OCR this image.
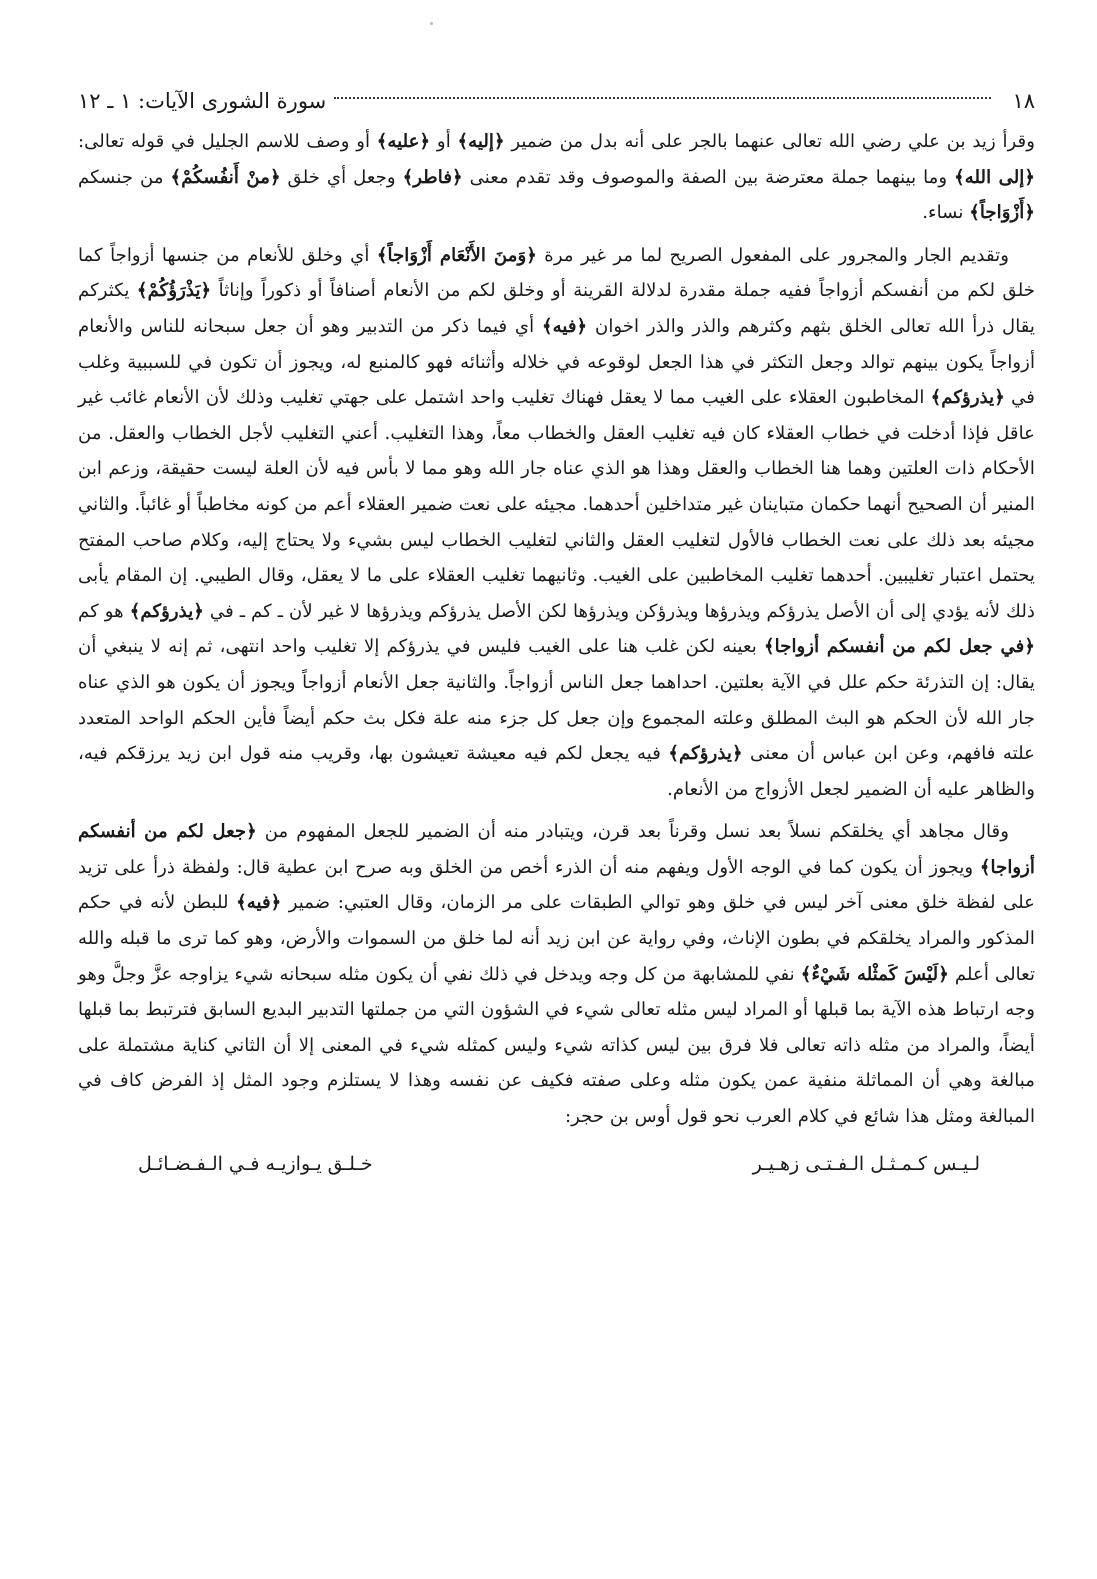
١٨
سورة الشورى الآيات: ١ ـ ١٢

وقرأ زيد بن علي رضي الله تعالى عنهما بالجر على أنه بدل من ضمير ﴿إليه﴾ أو ﴿عليه﴾ أو وصف للاسم الجليل في قوله تعالى: ﴿إلى الله﴾ وما بينهما جملة معترضة بين الصفة والموصوف وقد تقدم معنى ﴿فاطر﴾ وجعل أي خلق ﴿منْ أَنفُسكُمْ﴾ من جنسكم ﴿أَزْوَاجاً﴾ نساء.

وتقديم الجار والمجرور على المفعول الصريح لما مر غير مرة ﴿وَمنَ الأَنْعَام أَزْوَاجاً﴾ أي وخلق للأنعام من جنسها أزواجاً كما خلق لكم من أنفسكم أزواجاً ففيه جملة مقدرة لدلالة القرينة أو وخلق لكم من الأنعام أصنافاً أو ذكوراً وإناثاً ﴿يَذْرَؤُكُمْ﴾ يكثركم يقال ذرأ الله تعالى الخلق بثهم وكثرهم والذر والذر اخوان ﴿فيه﴾ أي فيما ذكر من التدبير وهو أن جعل سبحانه للناس والأنعام أزواجاً يكون بينهم توالد وجعل التكثر في هذا الجعل لوقوعه في خلاله وأثنائه فهو كالمنبع له، ويجوز أن تكون في للسببية وغلب في ﴿يذرؤكم﴾ المخاطبون العقلاء على الغيب مما لا يعقل فهناك تغليب واحد اشتمل على جهتي تغليب وذلك لأن الأنعام غائب غير عاقل فإذا أدخلت في خطاب العقلاء كان فيه تغليب العقل والخطاب معاً، وهذا التغليب. أعني التغليب لأجل الخطاب والعقل. من الأحكام ذات العلتين وهما هنا الخطاب والعقل وهذا هو الذي عناه جار الله وهو مما لا بأس فيه لأن العلة ليست حقيقة، وزعم ابن المنير أن الصحيح أنهما حكمان متباينان غير متداخلين أحدهما. مجيئه على نعت ضمير العقلاء أعم من كونه مخاطباً أو غائباً. والثاني مجيئه بعد ذلك على نعت الخطاب فالأول لتغليب العقل والثاني لتغليب الخطاب ليس بشيء ولا يحتاج إليه، وكلام صاحب المفتح يحتمل اعتبار تغليبين. أحدهما تغليب المخاطبين على الغيب. وثانيهما تغليب العقلاء على ما لا يعقل، وقال الطيبي. إن المقام يأبى ذلك لأنه يؤدي إلى أن الأصل يذرؤكم ويذرؤها ويذرؤكن ويذرؤها لكن الأصل يذرؤكم ويذرؤها لا غير لأن ـ كم ـ في ﴿يذرؤكم﴾ هو كم ﴿في جعل لكم من أنفسكم أزواجا﴾ بعينه لكن غلب هنا على الغيب فليس في يذرؤكم إلا تغليب واحد انتهى، ثم إنه لا ينبغي أن يقال: إن التذرئة حكم علل في الآية بعلتين. احداهما جعل الناس أزواجاً. والثانية جعل الأنعام أزواجاً ويجوز أن يكون هو الذي عناه جار الله لأن الحكم هو البث المطلق وعلته المجموع وإن جعل كل جزء منه علة فكل بث حكم أيضاً فأين الحكم الواحد المتعدد علته فافهم، وعن ابن عباس أن معنى ﴿يذرؤكم﴾ فيه يجعل لكم فيه معيشة تعيشون بها، وقريب منه قول ابن زيد يرزقكم فيه، والظاهر عليه أن الضمير لجعل الأزواج من الأنعام.

وقال مجاهد أي يخلقكم نسلاً بعد نسل وقرناً بعد قرن، ويتبادر منه أن الضمير للجعل المفهوم من ﴿جعل لكم من أنفسكم أزواجا﴾ ويجوز أن يكون كما في الوجه الأول ويفهم منه أن الذرء أخص من الخلق وبه صرح ابن عطية قال: ولفظة ذرأ على تزيد على لفظة خلق معنى آخر ليس في خلق وهو توالي الطبقات على مر الزمان، وقال العتبي: ضمير ﴿فيه﴾ للبطن لأنه في حكم المذكور والمراد يخلقكم في بطون الإناث، وفي رواية عن ابن زيد أنه لما خلق من السموات والأرض، وهو كما ترى ما قبله والله تعالى أعلم ﴿لَيْسَ كَمثْله شَيْءٌ﴾ نفي للمشابهة من كل وجه ويدخل في ذلك نفي أن يكون مثله سبحانه شيء يزاوجه عزَّ وجلَّ وهو وجه ارتباط هذه الآية بما قبلها أو المراد ليس مثله تعالى شيء في الشؤون التي من جملتها التدبير البديع السابق فترتبط بما قبلها أيضاً، والمراد من مثله ذاته تعالى فلا فرق بين ليس كذاته شيء وليس كمثله شيء في المعنى إلا أن الثاني كناية مشتملة على مبالغة وهي أن المماثلة منفية عمن يكون مثله وعلى صفته فكيف عن نفسه وهذا لا يستلزم وجود المثل إذ الفرض كاف في المبالغة ومثل هذا شائع في كلام العرب نحو قول أوس بن حجر:

لـيـس كـمـثـل الـفـتـى زهـيـر
خـلـق يـوازيـه فـي الـفـضـائـل
